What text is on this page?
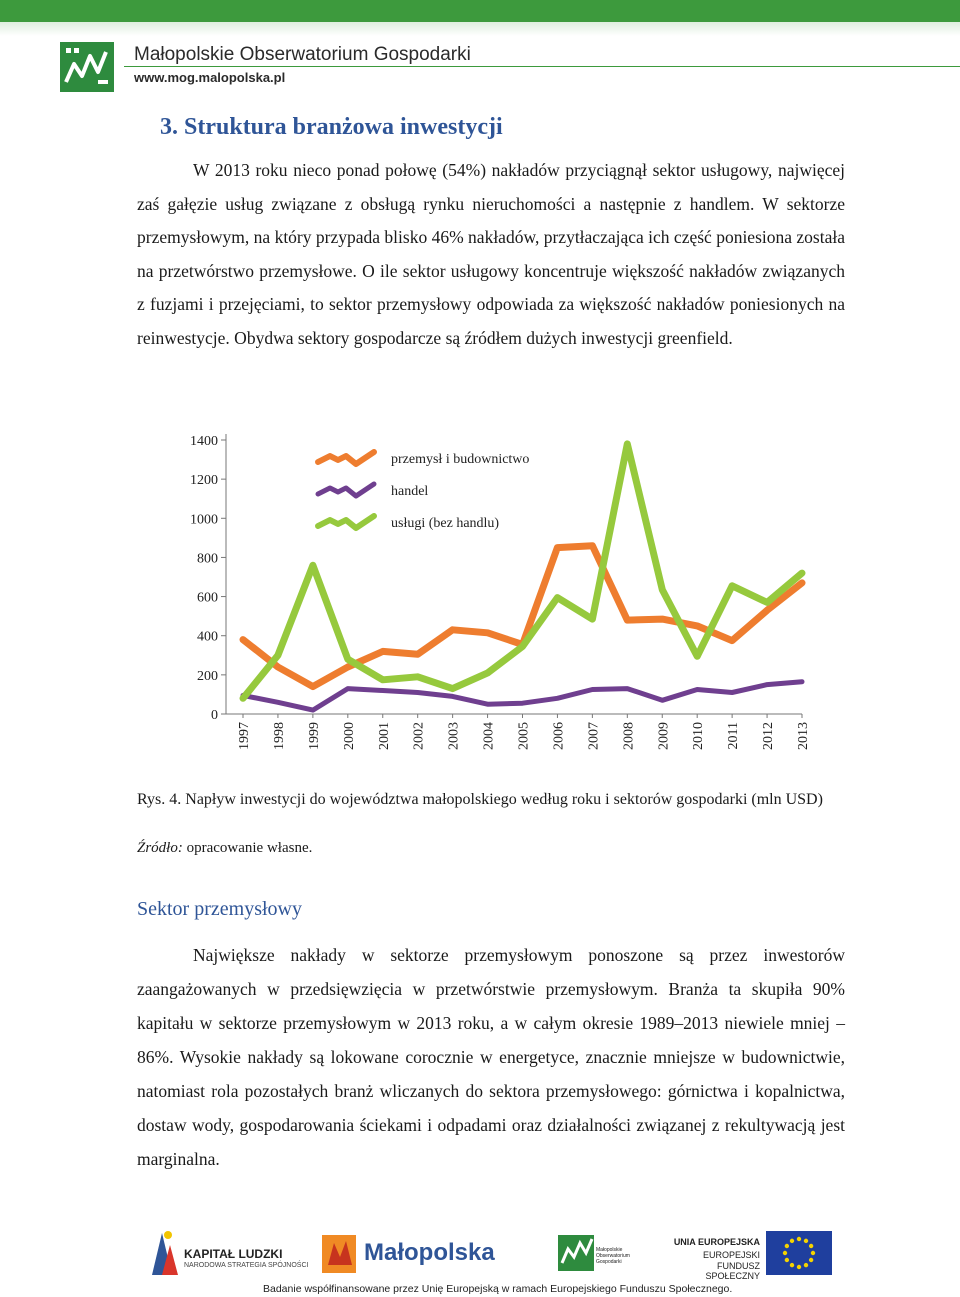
Małopolskie Obserwatorium Gospodarki
www.mog.malopolska.pl
3. Struktura branżowa inwestycji

W 2013 roku nieco ponad połowę (54%) nakładów przyciągnął sektor usługowy, najwięcej zaś gałęzie usług związane z obsługą rynku nieruchomości a następnie z handlem. W sektorze przemysłowym, na który przypada blisko 46% nakładów, przytłaczająca ich część poniesiona została na przetwórstwo przemysłowe. O ile sektor usługowy koncentruje większość nakładów związanych z fuzjami i przejęciami, to sektor przemysłowy odpowiada za większość nakładów poniesionych na reinwestycje. Obydwa sektory gospodarcze są źródłem dużych inwestycji greenfield.

0
200
400
600
800
1000
1200
1400
1997 1998 1999 2000 2001 2002 2003 2004 2005 2006 2007 2008 2009 2010 2011 2012 2013
przemysł i budownictwo
handel
usługi (bez handlu)
Rys. 4. Napływ inwestycji do województwa małopolskiego według roku i sektorów gospodarki (mln USD)
Źródło: opracowanie własne.
Sektor przemysłowy

Największe nakłady w sektorze przemysłowym ponoszone są przez inwestorów zaangażowanych w przedsięwzięcia w przetwórstwie przemysłowym. Branża ta skupiła 90% kapitału w sektorze przemysłowym w 2013 roku, a w całym okresie 1989–2013 niewiele mniej – 86%. Wysokie nakłady są lokowane corocznie w energetyce, znacznie mniejsze w budownictwie, natomiast rola pozostałych branż wliczanych do sektora przemysłowego: górnictwa i kopalnictwa, dostaw wody, gospodarowania ściekami i odpadami oraz działalności związanej z rekultywacją jest marginalna.

KAPITAŁ LUDZKI
NARODOWA STRATEGIA SPÓJNOŚCI Małopolska	Małopolskie Obserwatorium Gospodarki
UNIA EUROPEJSKA
EUROPEJSKI
FUNDUSZ SPOŁECZNY
Badanie współfinansowane przez Unię Europejską w ramach Europejskiego Funduszu Społecznego.
